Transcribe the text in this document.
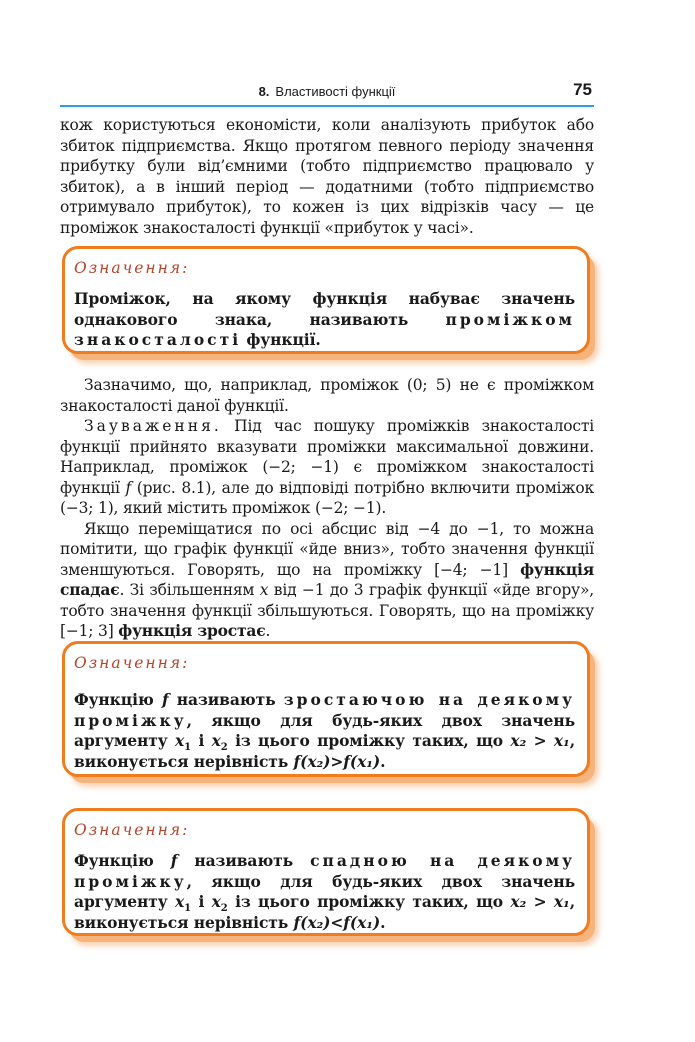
8. Властивості функції	75
кож користуються економісти, коли аналізують прибуток або збиток підприємства. Якщо протягом певного періоду значення прибутку були від’ємними (тобто підприємство працювало у збиток), а в інший період — додатними (тобто підприємство отримувало прибуток), то кожен із цих відрізків часу — це проміжок знакосталості функції «прибуток у часі».
Означення:
Проміжок, на якому функція набуває значень однакового знака, називають проміжком знакосталості функції.
Зазначимо, що, наприклад, проміжок (0; 5) не є проміжком знакосталості даної функції.
Зауваження. Під час пошуку проміжків знакосталості функції прийнято вказувати проміжки максимальної довжини. Наприклад, проміжок (−2; −1) є проміжком знакосталості функції f (рис. 8.1), але до відповіді потрібно включити проміжок (−3; 1), який містить проміжок (−2; −1).
Якщо переміщатися по осі абсцис від −4 до −1, то можна помітити, що графік функції «йде вниз», тобто значення функції зменшуються. Говорять, що на проміжку [−4; −1] функція спадає. Зі збільшенням x від −1 до 3 графік функції «йде вгору», тобто значення функції збільшуються. Говорять, що на проміжку [−1; 3] функція зростає.
Означення:
Функцію f називають зростаючою на деякому проміжку, якщо для будь-яких двох значень аргументу $x_1$ і $x_2$ із цього проміжку таких, що x₂ > x₁, виконується нерівність f(x₂)>f(x₁).
Означення:
Функцію f називають спадною на деякому проміжку, якщо для будь-яких двох значень аргументу $x_1$ і $x_2$ із цього проміжку таких, що x₂ > x₁, виконується нерівність f(x₂)<f(x₁).
